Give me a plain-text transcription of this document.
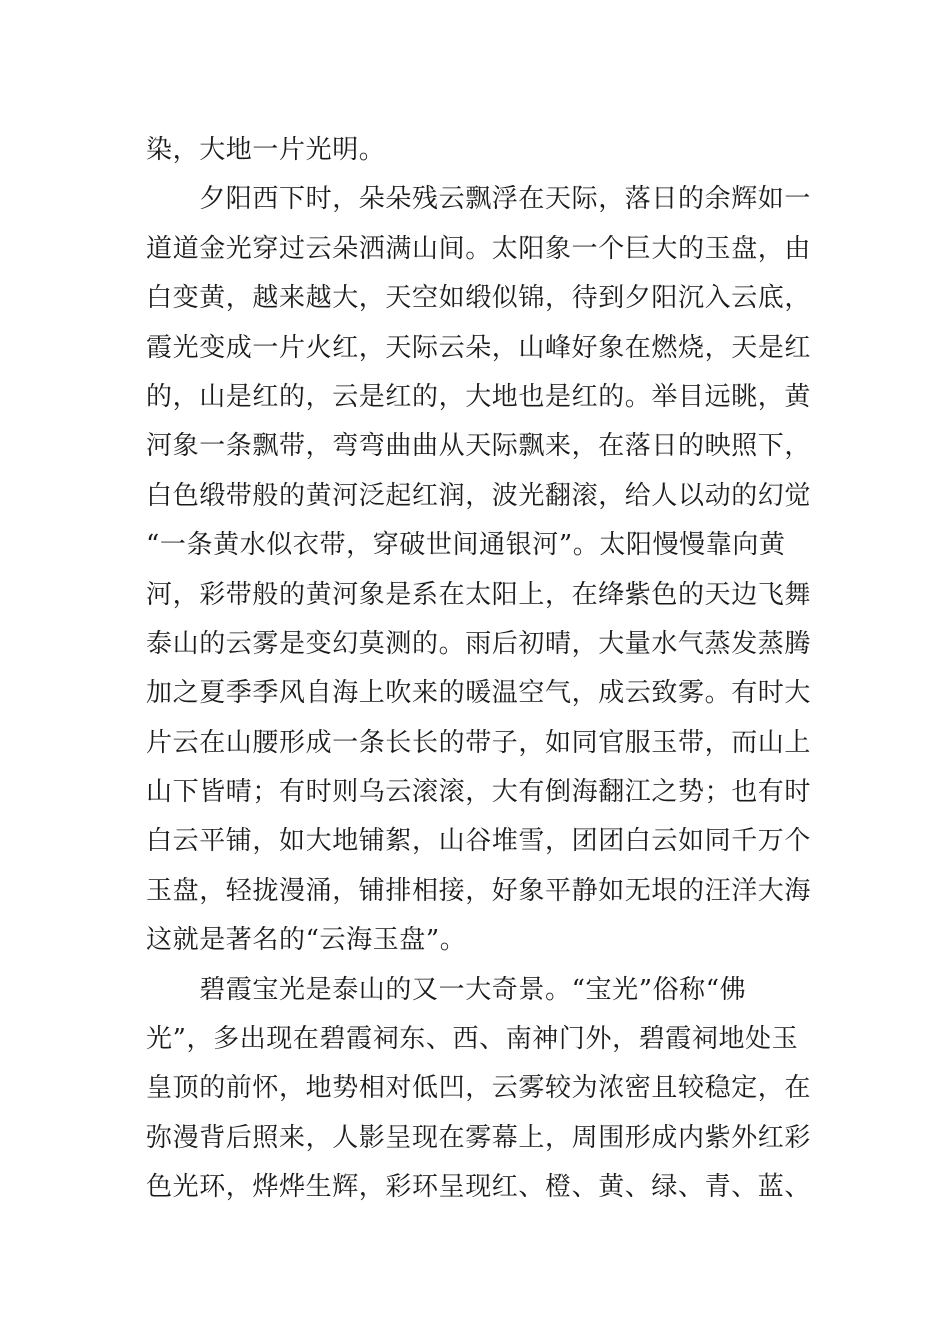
染，大地一片光明。
　　夕阳西下时，朵朵残云飘浮在天际，落日的余辉如一
道道金光穿过云朵洒满山间。太阳象一个巨大的玉盘，由
白变黄，越来越大，天空如缎似锦，待到夕阳沉入云底，
霞光变成一片火红，天际云朵，山峰好象在燃烧，天是红
的，山是红的，云是红的，大地也是红的。举目远眺，黄
河象一条飘带，弯弯曲曲从天际飘来，在落日的映照下，
白色缎带般的黄河泛起红润，波光翻滚，给人以动的幻觉
“一条黄水似衣带，穿破世间通银河”。太阳慢慢靠向黄
河，彩带般的黄河象是系在太阳上，在绛紫色的天边飞舞
泰山的云雾是变幻莫测的。雨后初晴，大量水气蒸发蒸腾
加之夏季季风自海上吹来的暖温空气，成云致雾。有时大
片云在山腰形成一条长长的带子，如同官服玉带，而山上
山下皆晴；有时则乌云滚滚，大有倒海翻江之势；也有时
白云平铺，如大地铺絮，山谷堆雪，团团白云如同千万个
玉盘，轻拢漫涌，铺排相接，好象平静如无垠的汪洋大海
这就是著名的“云海玉盘”。
　　碧霞宝光是泰山的又一大奇景。“宝光”俗称“佛
光”，多出现在碧霞祠东、西、南神门外，碧霞祠地处玉
皇顶的前怀，地势相对低凹，云雾较为浓密且较稳定，在
弥漫背后照来，人影呈现在雾幕上，周围形成内紫外红彩
色光环，烨烨生辉，彩环呈现红、橙、黄、绿、青、蓝、
